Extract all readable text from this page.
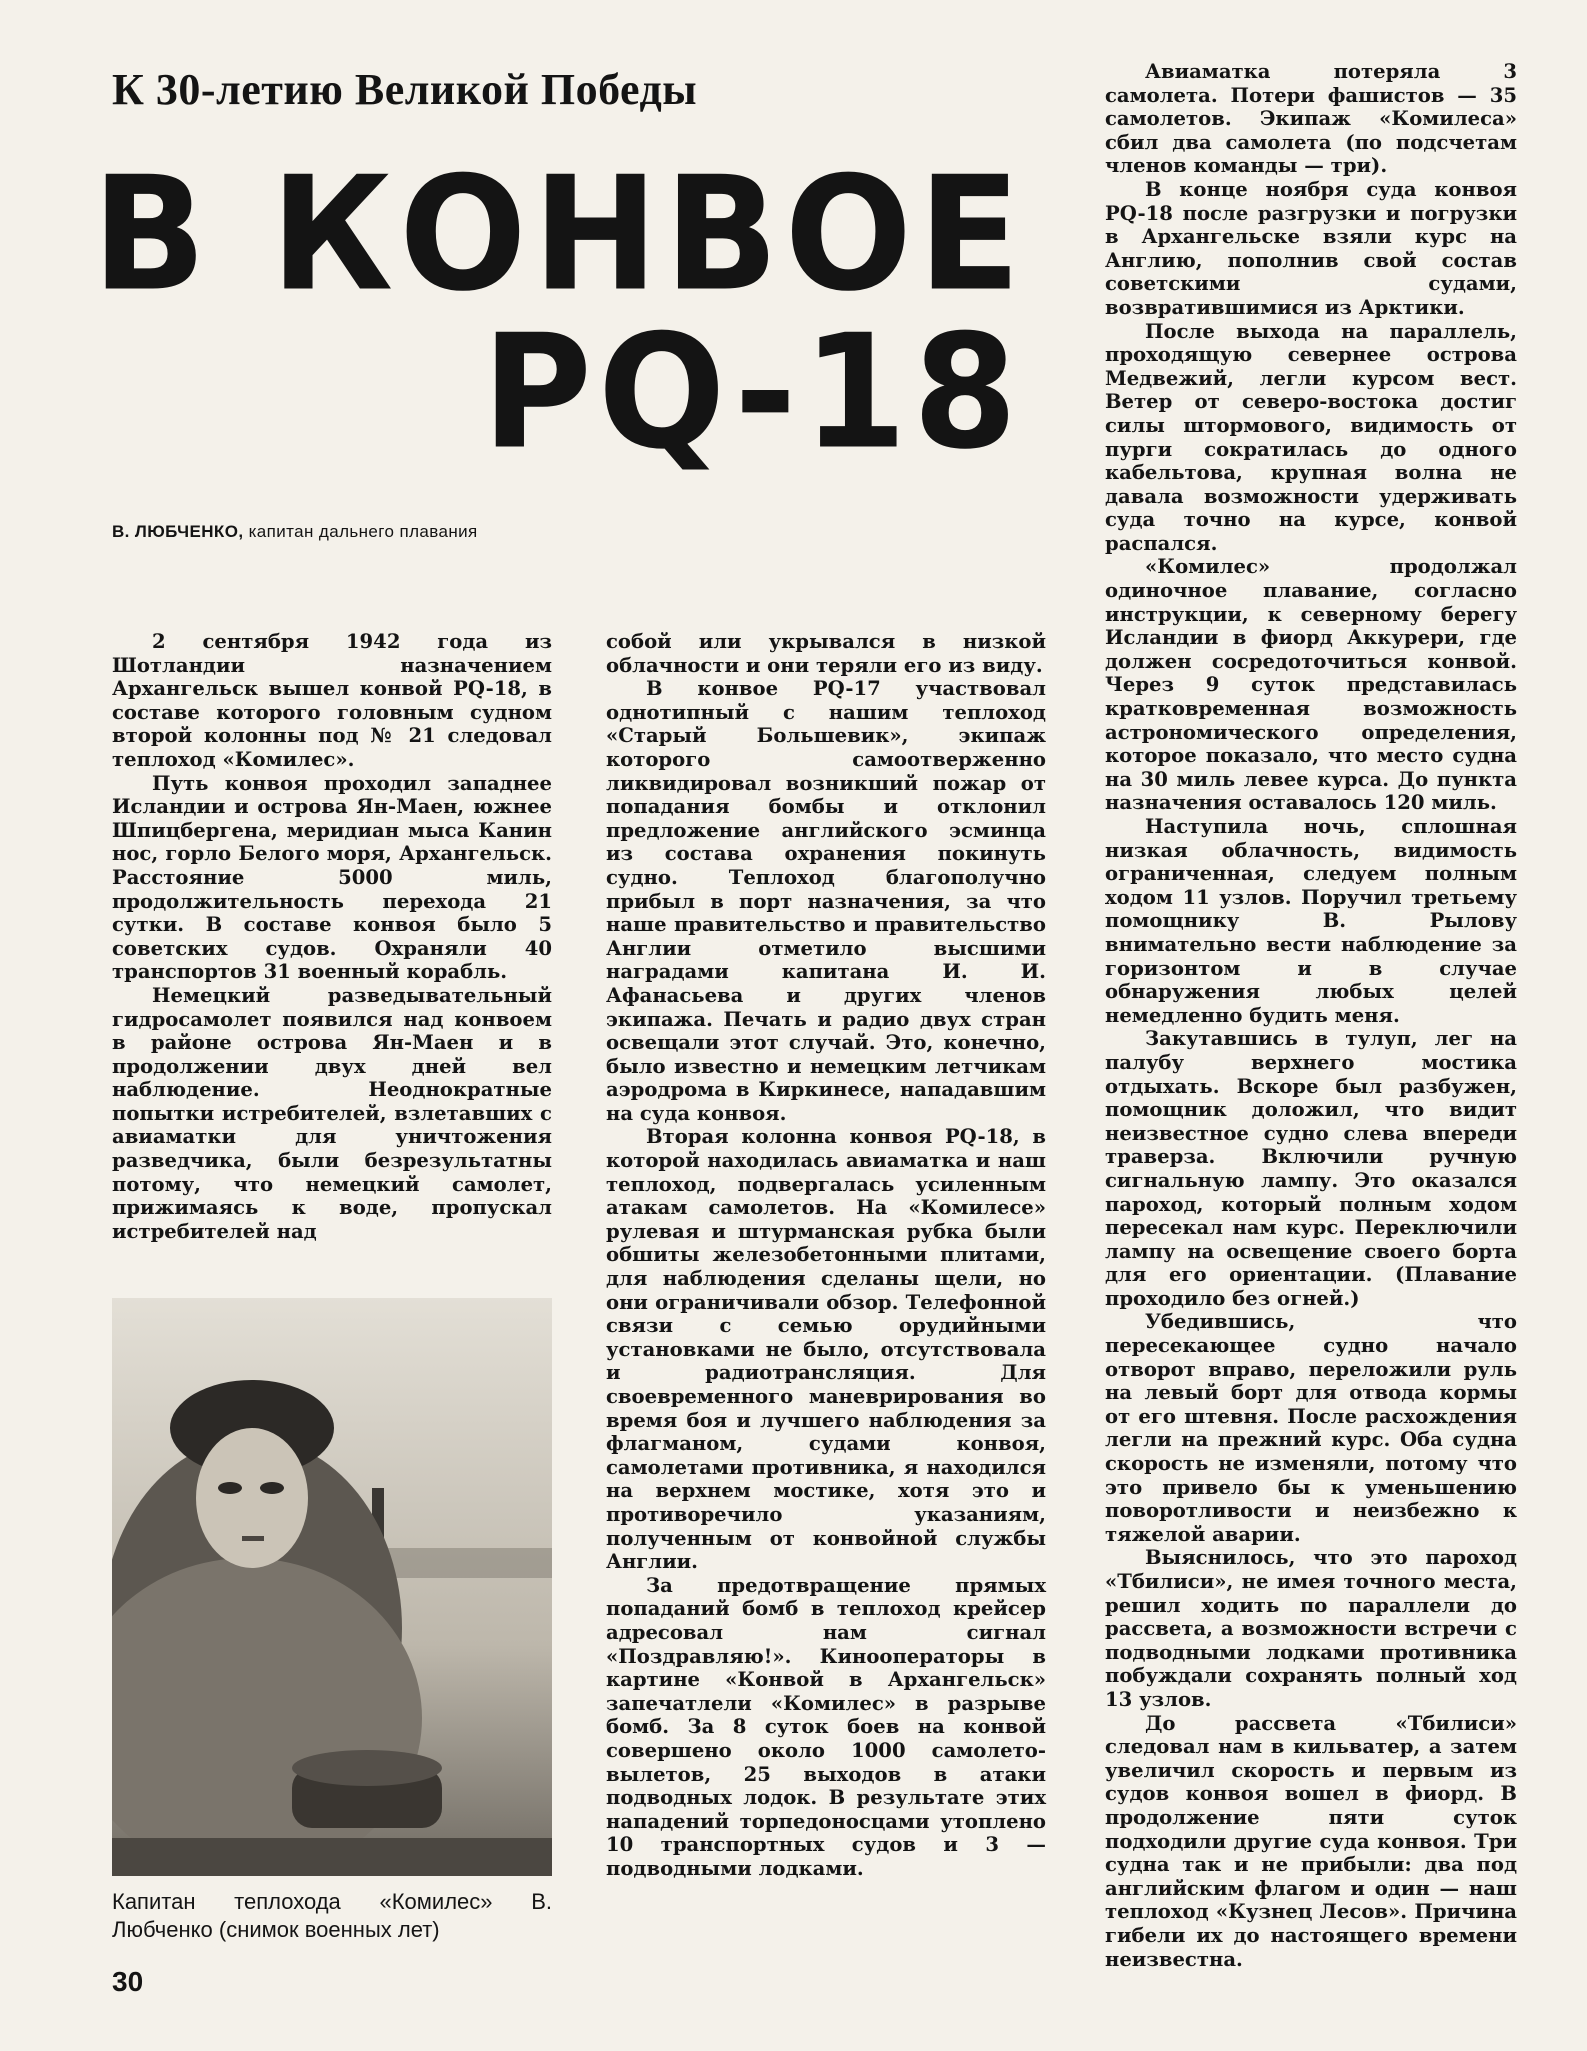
К 30-летию Великой Победы
В КОНВОЕ
PQ-18
В. ЛЮБЧЕНКО, капитан дальнего плавания

2 сентября 1942 года из Шотландии назначением Архангельск вышел конвой PQ-18, в составе которого головным судном второй колонны под № 21 следовал теплоход «Комилес».

Путь конвоя проходил западнее Исландии и острова Ян-Маен, южнее Шпицбергена, меридиан мыса Канин нос, горло Белого моря, Архангельск. Расстояние 5000 миль, продолжительность перехода 21 сутки. В составе конвоя было 5 советских судов. Охраняли 40 транспортов 31 военный корабль.

Немецкий разведывательный гидросамолет появился над конвоем в районе острова Ян-Маен и в продолжении двух дней вел наблюдение. Неоднократные попытки истребителей, взлетавших с авиаматки для уничтожения разведчика, были безрезультатны потому, что немецкий самолет, прижимаясь к воде, пропускал истребителей над

Капитан теплохода «Комилес» В. Любченко (снимок военных лет)

собой или укрывался в низкой облачности и они теряли его из виду.

В конвое PQ-17 участвовал однотипный с нашим теплоход «Старый Большевик», экипаж которого самоотверженно ликвидировал возникший пожар от попадания бомбы и отклонил предложение английского эсминца из состава охранения покинуть судно. Теплоход благополучно прибыл в порт назначения, за что наше правительство и правительство Англии отметило высшими наградами капитана И. И. Афанасьева и других членов экипажа. Печать и радио двух стран освещали этот случай. Это, конечно, было известно и немецким летчикам аэродрома в Киркинесе, нападавшим на суда конвоя.

Вторая колонна конвоя PQ-18, в которой находилась авиаматка и наш теплоход, подвергалась усиленным атакам самолетов. На «Комилесе» рулевая и штурманская рубка были обшиты железобетонными плитами, для наблюдения сделаны щели, но они ограничивали обзор. Телефонной связи с семью орудийными установками не было, отсутствовала и радиотрансляция. Для своевременного маневрирования во время боя и лучшего наблюдения за флагманом, судами конвоя, самолетами противника, я находился на верхнем мостике, хотя это и противоречило указаниям, полученным от конвойной службы Англии.

За предотвращение прямых попаданий бомб в теплоход крейсер адресовал нам сигнал «Поздравляю!». Кинооператоры в картине «Конвой в Архангельск» запечатлели «Комилес» в разрыве бомб. За 8 суток боев на конвой совершено около 1000 самолето-вылетов, 25 выходов в атаки подводных лодок. В результате этих нападений торпедоносцами утоплено 10 транспортных судов и 3 — подводными лодками.

Авиаматка потеряла 3 самолета. Потери фашистов — 35 самолетов. Экипаж «Комилеса» сбил два самолета (по подсчетам членов команды — три).

В конце ноября суда конвоя PQ-18 после разгрузки и погрузки в Архангельске взяли курс на Англию, пополнив свой состав советскими судами, возвратившимися из Арктики.

После выхода на параллель, проходящую севернее острова Медвежий, легли курсом вест. Ветер от северо-востока достиг силы штормового, видимость от пурги сократилась до одного кабельтова, крупная волна не давала возможности удерживать суда точно на курсе, конвой распался.

«Комилес» продолжал одиночное плавание, согласно инструкции, к северному берегу Исландии в фиорд Аккурери, где должен сосредоточиться конвой. Через 9 суток представилась кратковременная возможность астрономического определения, которое показало, что место судна на 30 миль левее курса. До пункта назначения оставалось 120 миль.

Наступила ночь, сплошная низкая облачность, видимость ограниченная, следуем полным ходом 11 узлов. Поручил третьему помощнику В. Рылову внимательно вести наблюдение за горизонтом и в случае обнаружения любых целей немедленно будить меня.

Закутавшись в тулуп, лег на палубу верхнего мостика отдыхать. Вскоре был разбужен, помощник доложил, что видит неизвестное судно слева впереди траверза. Включили ручную сигнальную лампу. Это оказался пароход, который полным ходом пересекал нам курс. Переключили лампу на освещение своего борта для его ориентации. (Плавание проходило без огней.)

Убедившись, что пересекающее судно начало отворот вправо, переложили руль на левый борт для отвода кормы от его штевня. После расхождения легли на прежний курс. Оба судна скорость не изменяли, потому что это привело бы к уменьшению поворотливости и неизбежно к тяжелой аварии.

Выяснилось, что это пароход «Тбилиси», не имея точного места, решил ходить по параллели до рассвета, а возможности встречи с подводными лодками противника побуждали сохранять полный ход 13 узлов.

До рассвета «Тбилиси» следовал нам в кильватер, а затем увеличил скорость и первым из судов конвоя вошел в фиорд. В продолжение пяти суток подходили другие суда конвоя. Три судна так и не прибыли: два под английским флагом и один — наш теплоход «Кузнец Лесов». Причина гибели их до настоящего времени неизвестна.

30
